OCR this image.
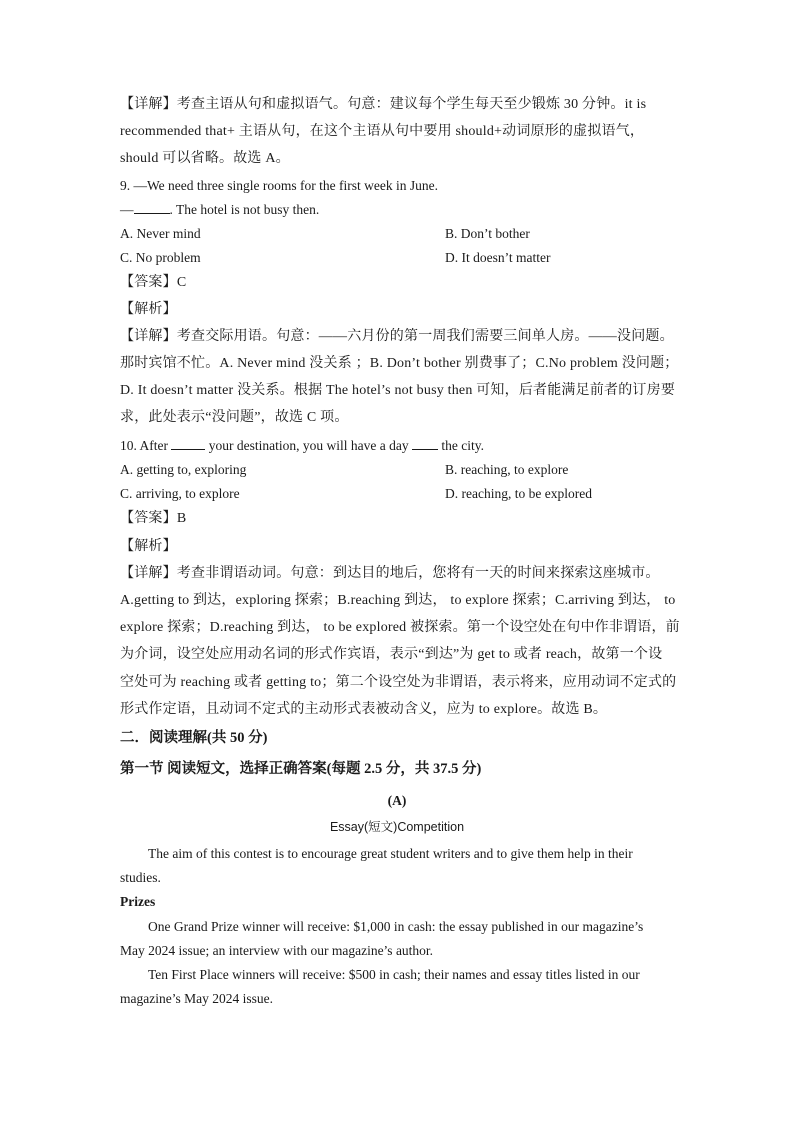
【详解】考查主语从句和虚拟语气。句意：建议每个学生每天至少锻炼 30 分钟。it is
recommended that+ 主语从句，在这个主语从句中要用 should+动词原形的虚拟语气，
should 可以省略。故选 A。
9. —We need three single rooms for the first week in June.
—	. The hotel is not busy then.
A. Never mind	B. Don’t bother
C. No problem	D. It doesn’t matter
【答案】C
【解析】
【详解】考查交际用语。句意：——六月份的第一周我们需要三间单人房。——没问题。
那时宾馆不忙。A. Never mind 没关系 ；B. Don’t bother 别费事了；C.No problem 没问题；
D. It doesn’t matter 没关系。根据 The hotel’s not busy then 可知，后者能满足前者的订房要
求，此处表示“没问题”，故选 C 项。
10. After	your destination, you will have a day  the city.
A. getting to, exploring	B. reaching, to explore
C. arriving, to explore	D. reaching, to be explored
【答案】B
【解析】
【详解】考查非谓语动词。句意：到达目的地后，您将有一天的时间来探索这座城市。
A.getting to 到达，exploring 探索；B.reaching 到达， to explore 探索；C.arriving 到达， to
explore 探索；D.reaching 到达， to be explored 被探索。第一个设空处在句中作非谓语，前
为介词，设空处应用动名词的形式作宾语，表示“到达”为 get to 或者 reach，故第一个设
空处可为 reaching 或者 getting to；第二个设空处为非谓语，表示将来，应用动词不定式的
形式作定语，且动词不定式的主动形式表被动含义，应为 to explore。故选 B。
二．阅读理解(共 50 分)
第一节 阅读短文，选择正确答案(每题 2.5 分，共 37.5 分)
(A)
Essay(短文)Competition
The aim of this contest is to encourage great student writers and to give them help in their
studies.
Prizes
One Grand Prize winner will receive: $1,000 in cash: the essay published in our magazine’s
May 2024 issue; an interview with our magazine’s author.
Ten First Place winners will receive: $500 in cash; their names and essay titles listed in our
magazine’s May 2024 issue.
